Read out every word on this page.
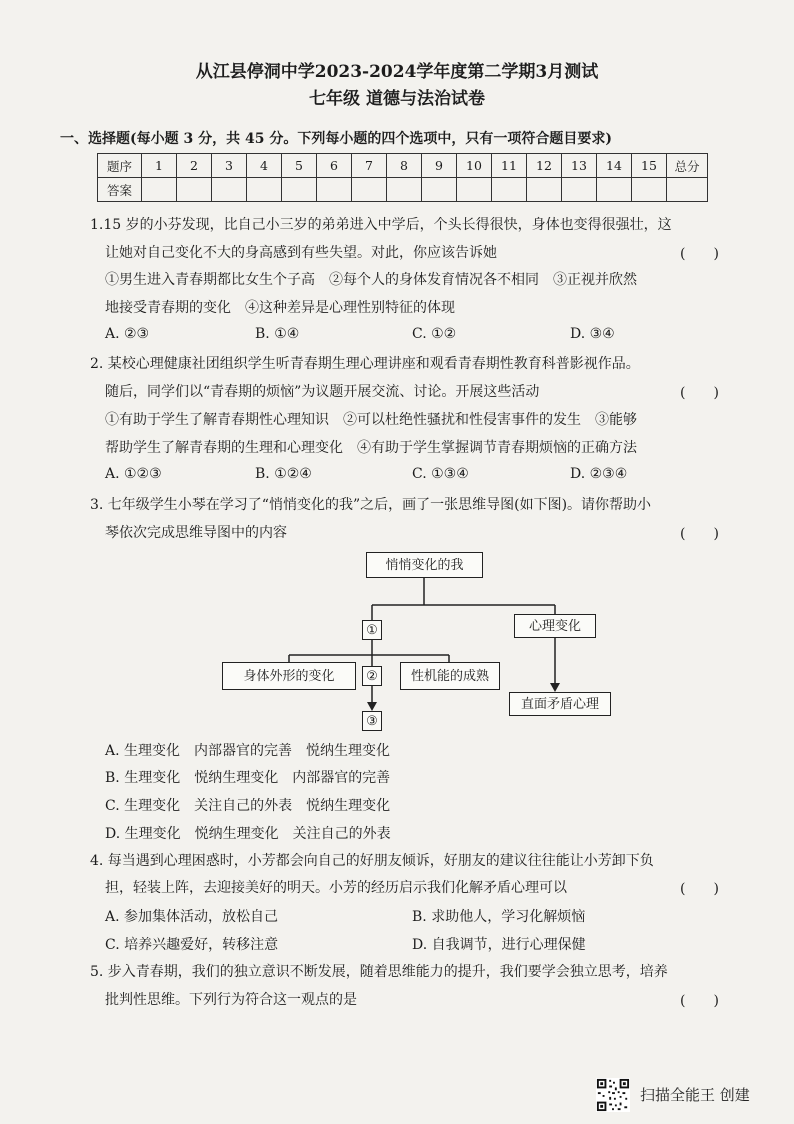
从江县停洞中学2023-2024学年度第二学期3月测试
七年级 道德与法治试卷
一、选择题(每小题 3 分，共 45 分。下列每小题的四个选项中，只有一项符合题目要求)
题序	1	2	3	4	5	6	7	8	9	10	11	12	13	14	15	总分
答案																
1.15 岁的小芬发现，比自己小三岁的弟弟进入中学后，个头长得很快，身体也变得很强壮，这
让她对自己变化不大的身高感到有些失望。对此，你应该告诉她	(　　)
①男生进入青春期都比女生个子高　②每个人的身体发育情况各不相同　③正视并欣然
地接受青春期的变化　④这种差异是心理性别特征的体现
A. ②③	B. ①④	C. ①②	D. ③④
2. 某校心理健康社团组织学生听青春期生理心理讲座和观看青春期性教育科普影视作品。
随后，同学们以“青春期的烦恼”为议题开展交流、讨论。开展这些活动	(　　)
①有助于学生了解青春期性心理知识　②可以杜绝性骚扰和性侵害事件的发生　③能够
帮助学生了解青春期的生理和心理变化　④有助于学生掌握调节青春期烦恼的正确方法
A. ①②③	B. ①②④	C. ①③④	D. ②③④
3. 七年级学生小琴在学习了“悄悄变化的我”之后，画了一张思维导图(如下图)。请你帮助小
琴依次完成思维导图中的内容	(　　)
悄悄变化的我
①
②
③
身体外形的变化	性机能的成熟
心理变化
直面矛盾心理
A. 生理变化　内部器官的完善　悦纳生理变化
B. 生理变化　悦纳生理变化　内部器官的完善
C. 生理变化　关注自己的外表　悦纳生理变化
D. 生理变化　悦纳生理变化　关注自己的外表
4. 每当遇到心理困惑时，小芳都会向自己的好朋友倾诉，好朋友的建议往往能让小芳卸下负
担，轻装上阵，去迎接美好的明天。小芳的经历启示我们化解矛盾心理可以	(　　)
A. 参加集体活动，放松自己	B. 求助他人，学习化解烦恼
C. 培养兴趣爱好，转移注意	D. 自我调节，进行心理保健
5. 步入青春期，我们的独立意识不断发展，随着思维能力的提升，我们要学会独立思考，培养
批判性思维。下列行为符合这一观点的是	(　　)
扫描全能王 创建
